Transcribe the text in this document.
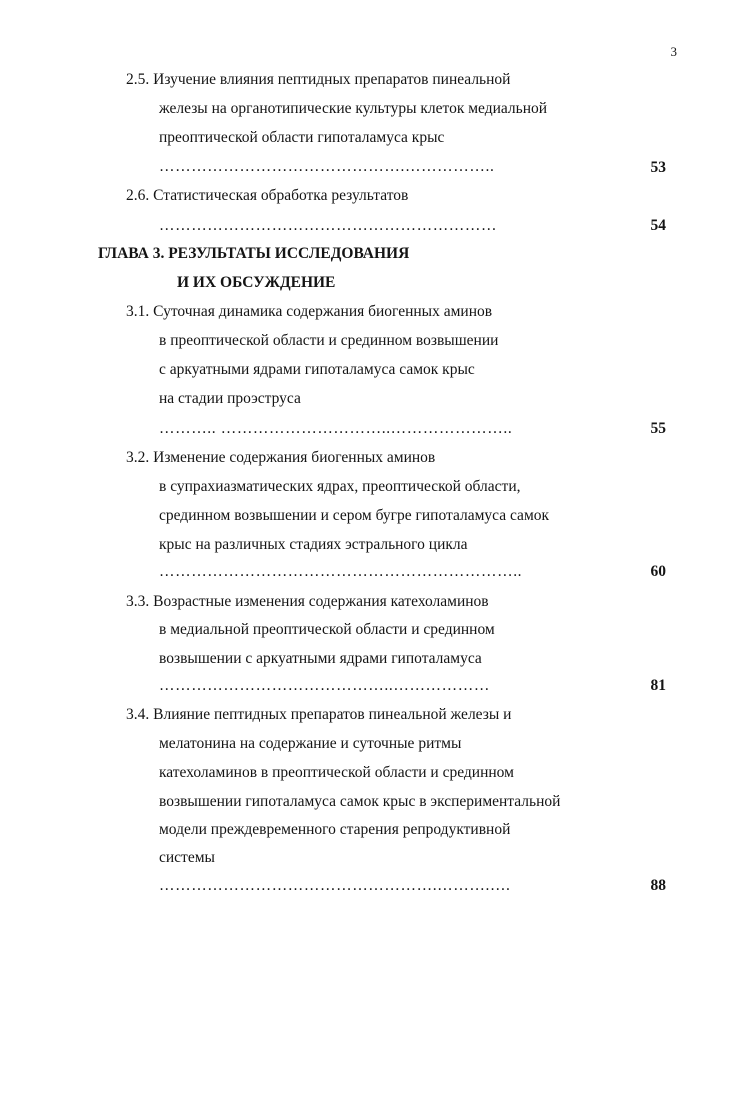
3
2.5. Изучение влияния пептидных препаратов пинеальной
железы на органотипические культуры клеток медиальной
преоптической области гипоталамуса крыс
……………………………………….……………..	53
2.6. Статистическая обработка результатов
………………………………………………………	54
ГЛАВА 3. РЕЗУЛЬТАТЫ ИССЛЕДОВАНИЯ
И ИХ ОБСУЖДЕНИЕ
3.1. Суточная динамика содержания биогенных аминов
в преоптической области и срединном возвышении
с аркуатными ядрами гипоталамуса самок крыс
на стадии проэструса
……….. …………………………..…………………..	55
3.2. Изменение содержания биогенных аминов
в супрахиазматических ядрах, преоптической области,
срединном возвышении и сером бугре гипоталамуса самок
крыс на различных стадиях эстрального цикла
…………………………………………………………..	60
3.3. Возрастные изменения содержания катехоламинов
в медиальной преоптической области и срединном
возвышении с аркуатными ядрами гипоталамуса
……………………………………..………………	81
3.4. Влияние пептидных препаратов пинеальной железы и
мелатонина на содержание и суточные ритмы
катехоламинов в преоптической области и срединном
возвышении гипоталамуса самок крыс в экспериментальной
модели преждевременного старения репродуктивной
системы
…………………………………………….……….….	88
